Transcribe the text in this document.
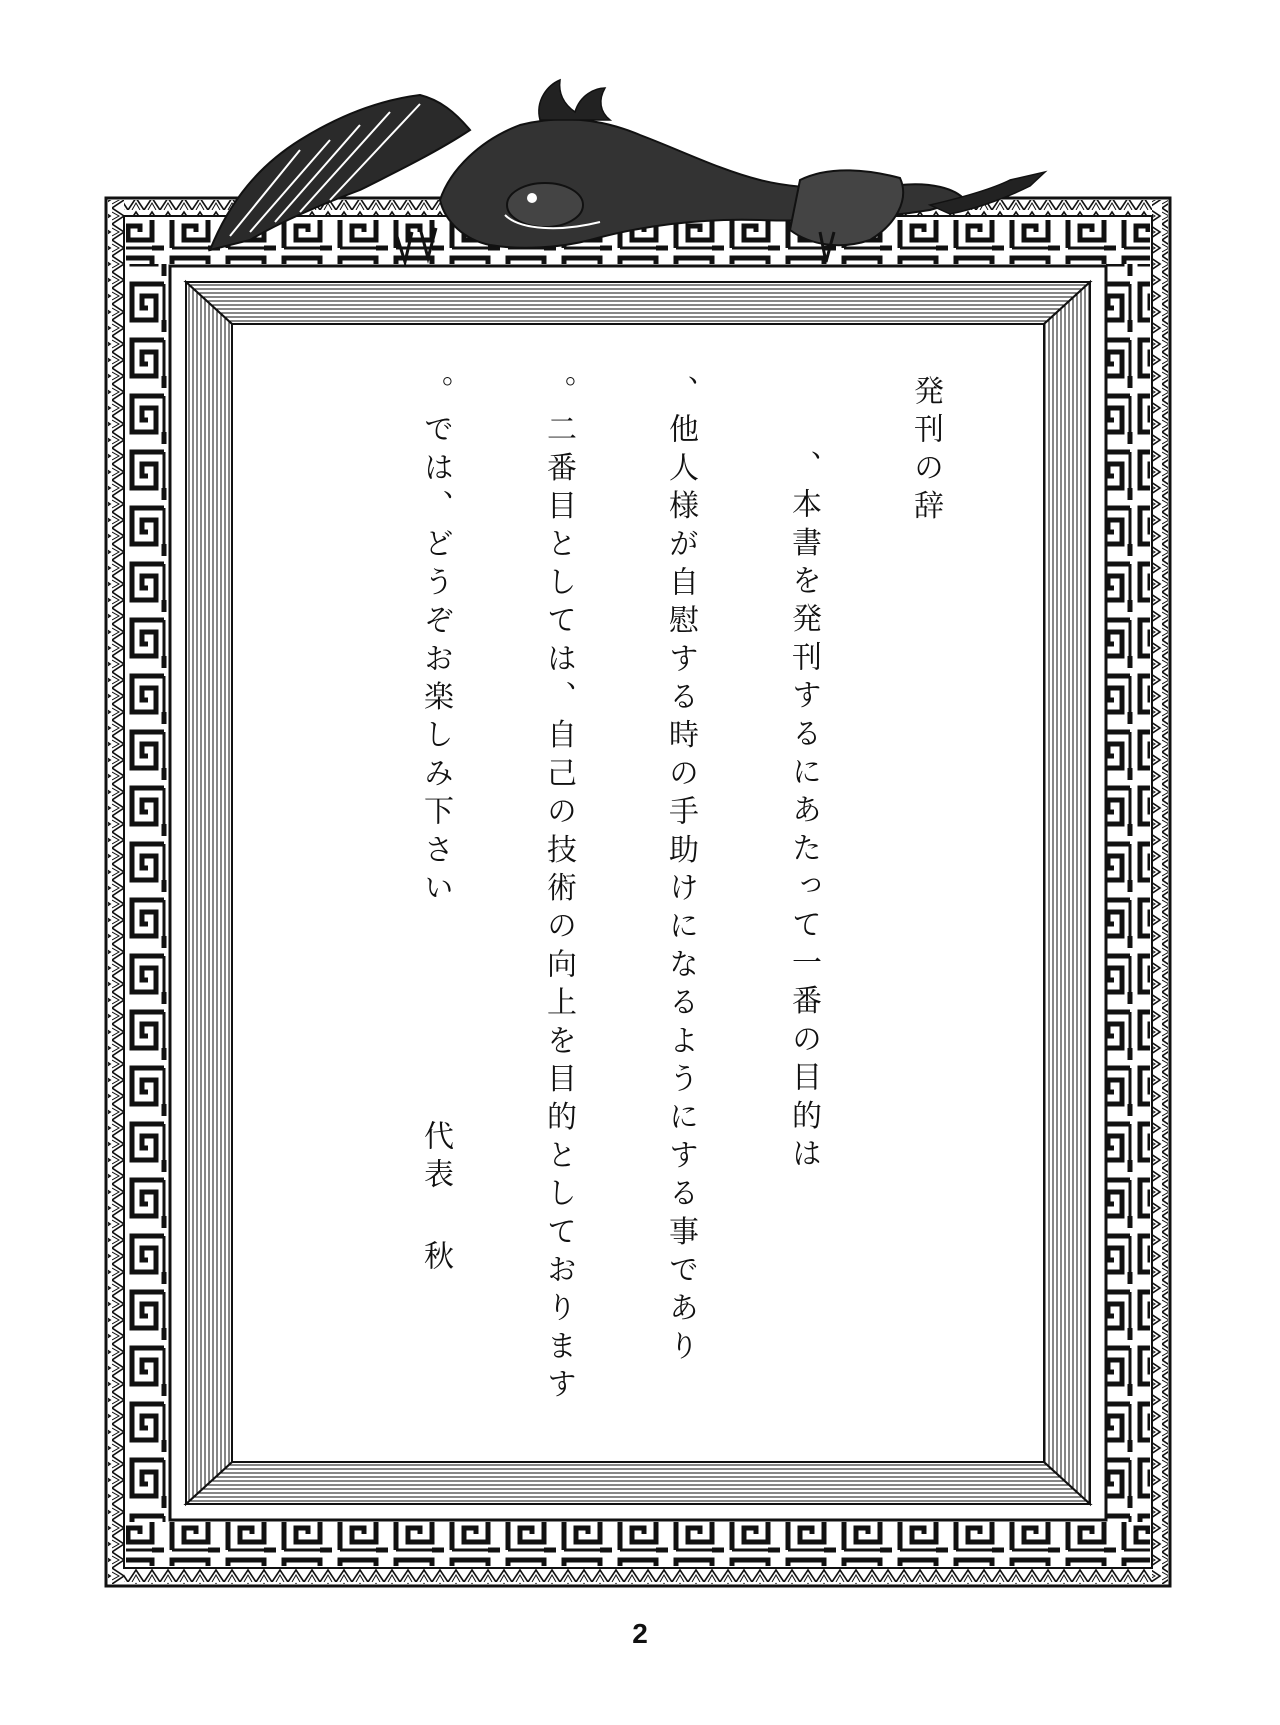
発刊の辞
本書を発刊するにあたって一番の目的は、
他人様が自慰する時の手助けになるようにする事であり、
二番目としては、自己の技術の向上を目的としております。
では、どうぞお楽しみ下さい。
代表
秋
2
